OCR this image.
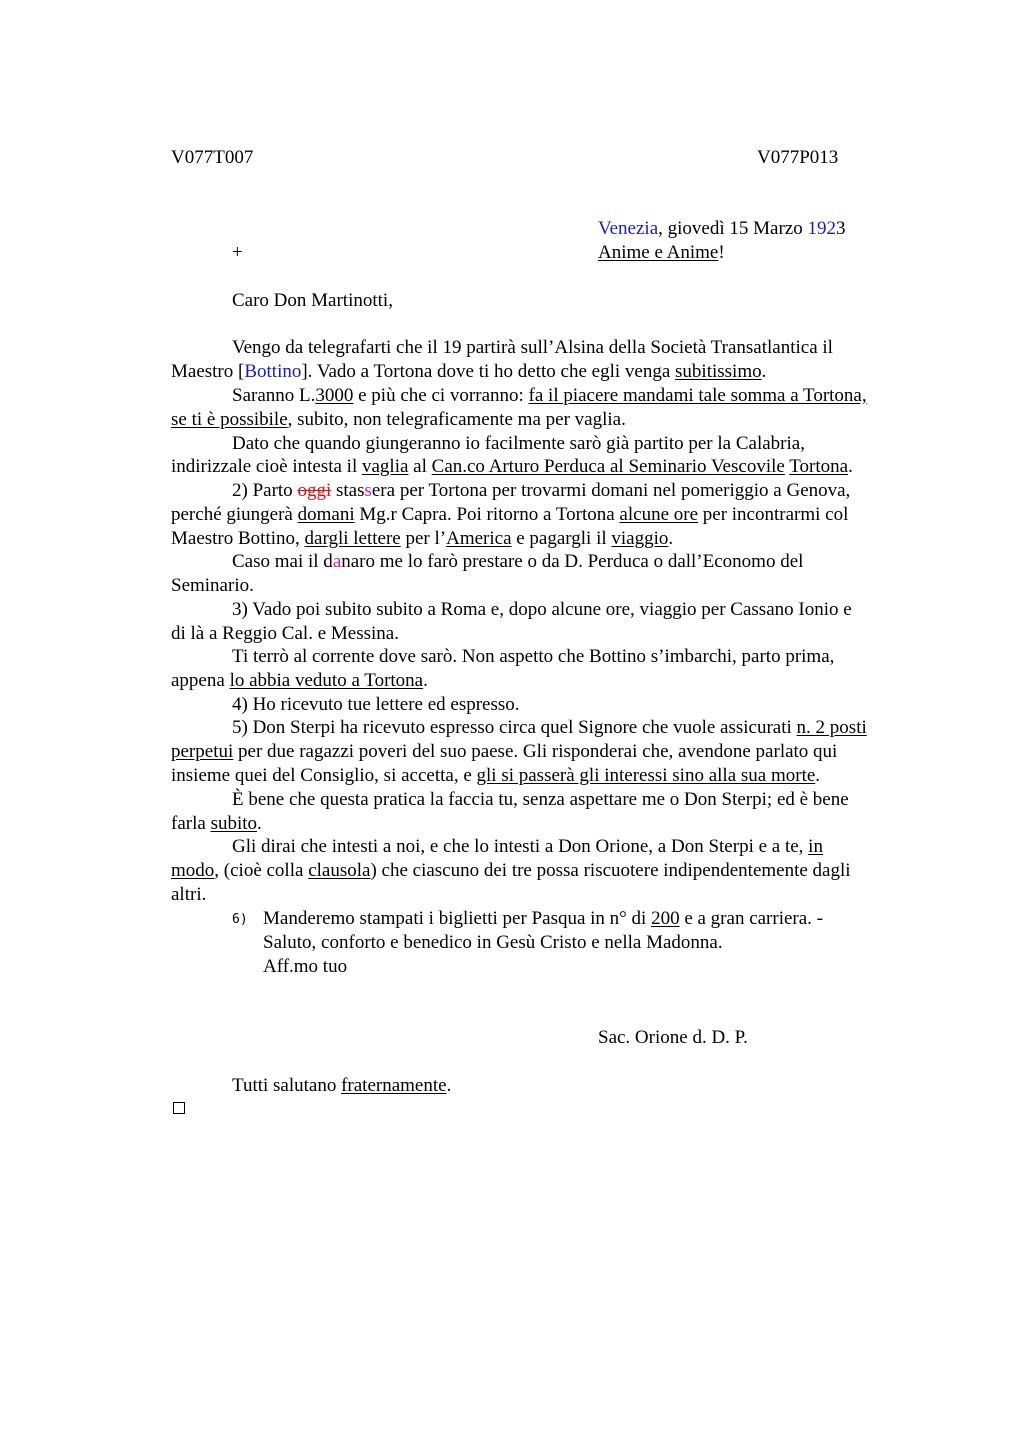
V077T007	V077P013
Venezia, giovedì 15 Marzo 1923
+	Anime e Anime!
Caro Don Martinotti,
Vengo da telegrafarti che il 19 partirà sull’Alsina della Società Transatlantica il
Maestro [Bottino]. Vado a Tortona dove ti ho detto che egli venga subitissimo.
Saranno L.3000 e più che ci vorranno: fa il piacere mandami tale somma a Tortona,
se ti è possibile, subito, non telegraficamente ma per vaglia.
Dato che quando giungeranno io facilmente sarò già partito per la Calabria,
indirizzale cioè intesta il vaglia al Can.co Arturo Perduca al Seminario Vescovile Tortona.
2) Parto oggi stassera per Tortona per trovarmi domani nel pomeriggio a Genova,
perché giungerà domani Mg.r Capra. Poi ritorno a Tortona alcune ore per incontrarmi col
Maestro Bottino, dargli lettere per l’America e pagargli il viaggio.
Caso mai il danaro me lo farò prestare o da D. Perduca o dall’Economo del
Seminario.
3) Vado poi subito subito a Roma e, dopo alcune ore, viaggio per Cassano Ionio e
di là a Reggio Cal. e Messina.
Ti terrò al corrente dove sarò. Non aspetto che Bottino s’imbarchi, parto prima,
appena lo abbia veduto a Tortona.
4) Ho ricevuto tue lettere ed espresso.
5) Don Sterpi ha ricevuto espresso circa quel Signore che vuole assicurati n. 2 posti
perpetui per due ragazzi poveri del suo paese. Gli risponderai che, avendone parlato qui
insieme quei del Consiglio, si accetta, e gli si passerà gli interessi sino alla sua morte.
È bene che questa pratica la faccia tu, senza aspettare me o Don Sterpi; ed è bene
farla subito.
Gli dirai che intesti a noi, e che lo intesti a Don Orione, a Don Sterpi e a te, in
modo, (cioè colla clausola) che ciascuno dei tre possa riscuotere indipendentemente dagli
altri.
6) Manderemo stampati i biglietti per Pasqua in n° di 200 e a gran carriera. -
Saluto, conforto e benedico in Gesù Cristo e nella Madonna.
Aff.mo tuo
Sac. Orione d. D. P.
Tutti salutano fraternamente.
